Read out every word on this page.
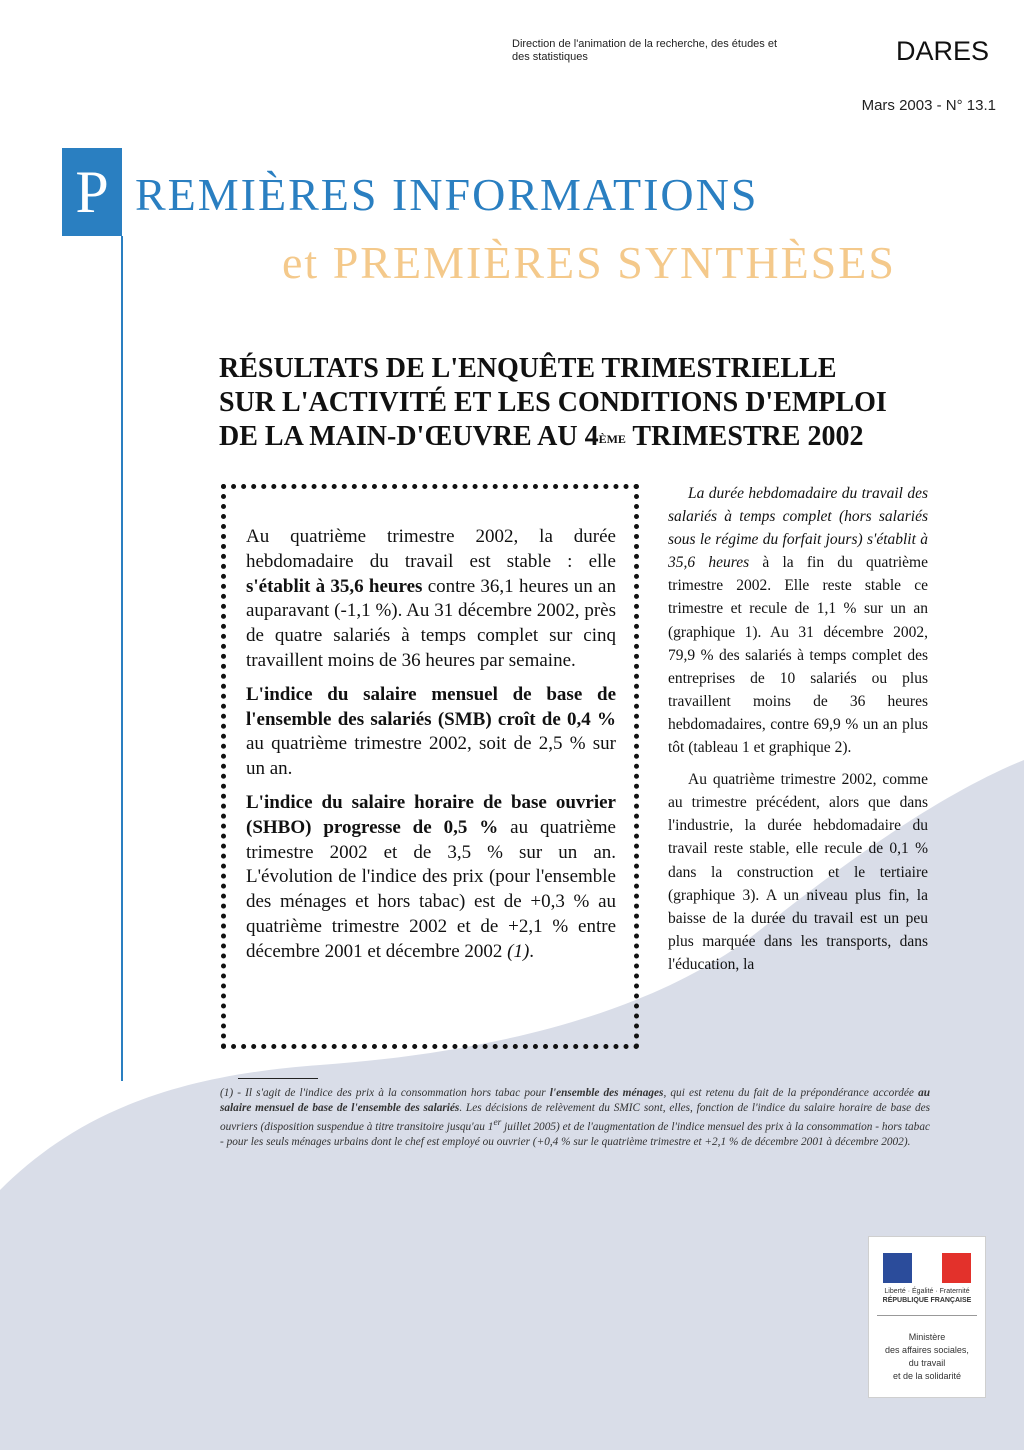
Direction de l'animation de la recherche, des études et des statistiques	DARES
Mars 2003 - N° 13.1
P REMIÈRES INFORMATIONS
et PREMIÈRES SYNTHÈSES
RÉSULTATS DE L'ENQUÊTE TRIMESTRIELLE
SUR L'ACTIVITÉ ET LES CONDITIONS D'EMPLOI
DE LA MAIN-D'ŒUVRE AU 4ÈME TRIMESTRE 2002

Au quatrième trimestre 2002, la durée hebdomadaire du travail est stable : elle s'établit à 35,6 heures contre 36,1 heures un an auparavant (-1,1 %). Au 31 décembre 2002, près de quatre salariés à temps complet sur cinq travaillent moins de 36 heures par semaine.

L'indice du salaire mensuel de base de l'ensemble des salariés (SMB) croît de 0,4 % au quatrième trimestre 2002, soit de 2,5 % sur un an.

L'indice du salaire horaire de base ouvrier (SHBO) progresse de 0,5 % au quatrième trimestre 2002 et de 3,5 % sur un an. L'évolution de l'indice des prix (pour l'ensemble des ménages et hors tabac) est de +0,3 % au quatrième trimestre 2002 et de +2,1 % entre décembre 2001 et décembre 2002 (1).

La durée hebdomadaire du travail des salariés à temps complet (hors salariés sous le régime du forfait jours) s'établit à 35,6 heures à la fin du quatrième trimestre 2002. Elle reste stable ce trimestre et recule de 1,1 % sur un an (graphique 1). Au 31 décembre 2002, 79,9 % des salariés à temps complet des entreprises de 10 salariés ou plus travaillent moins de 36 heures hebdomadaires, contre 69,9 % un an plus tôt (tableau 1 et graphique 2).

Au quatrième trimestre 2002, comme au trimestre précédent, alors que dans l'industrie, la durée hebdomadaire du travail reste stable, elle recule de 0,1 % dans la construction et le tertiaire (graphique 3). A un niveau plus fin, la baisse de la durée du travail est un peu plus marquée dans les transports, dans l'éducation, la

(1) - Il s'agit de l'indice des prix à la consommation hors tabac pour l'ensemble des ménages, qui est retenu du fait de la prépondérance accordée au salaire mensuel de base de l'ensemble des salariés. Les décisions de relèvement du SMIC sont, elles, fonction de l'indice du salaire horaire de base des ouvriers (disposition suspendue à titre transitoire jusqu'au 1er juillet 2005) et de l'augmentation de l'indice mensuel des prix à la consommation - hors tabac - pour les seuls ménages urbains dont le chef est employé ou ouvrier (+0,4 % sur le quatrième trimestre et +2,1 % de décembre 2001 à décembre 2002).
Liberté · Égalité · Fraternité
RÉPUBLIQUE FRANÇAISE
Ministère
des affaires sociales,
du travail
et de la solidarité
